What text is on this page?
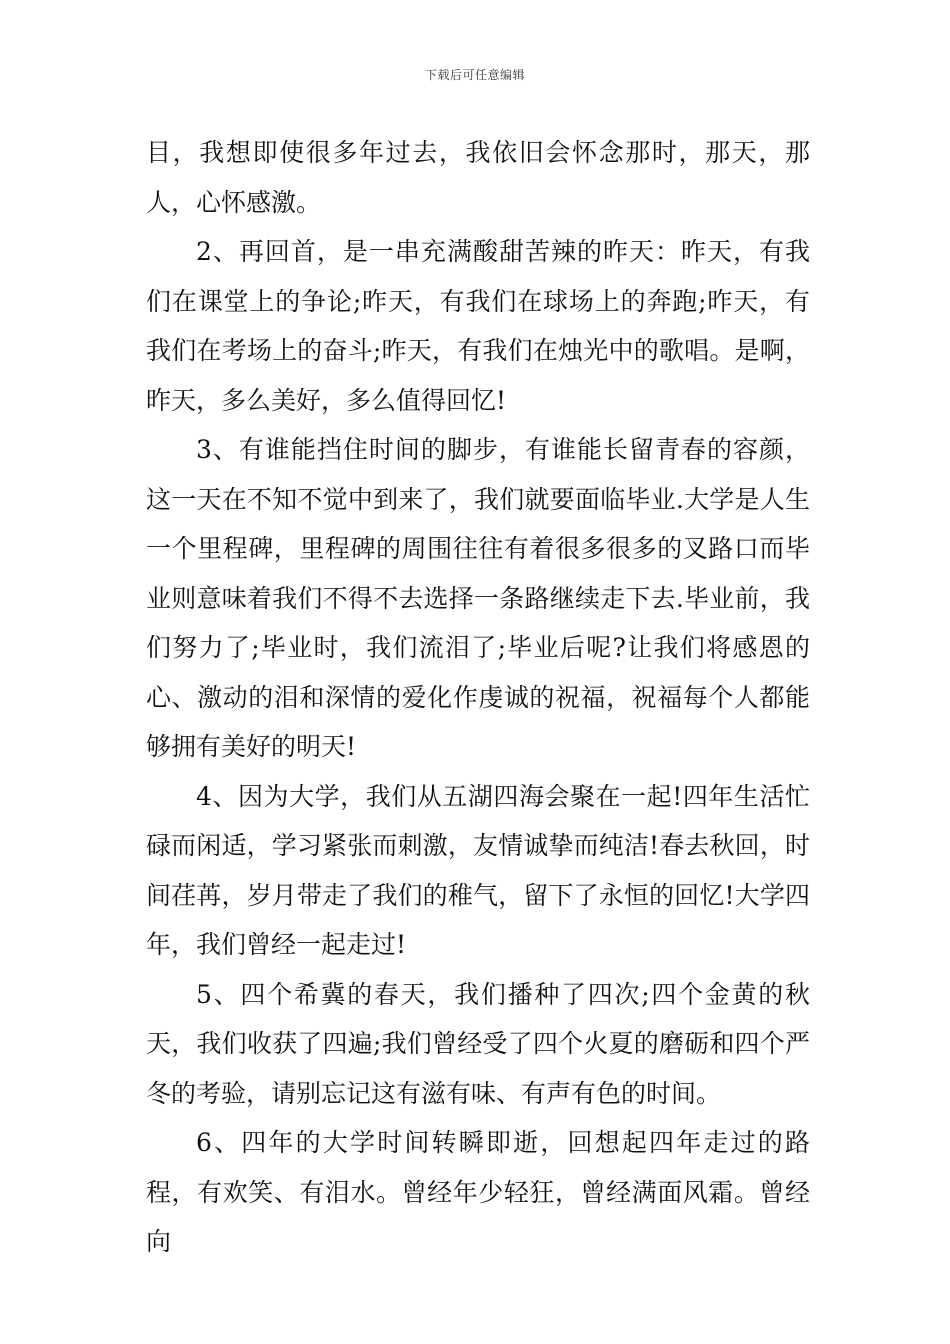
下载后可任意编辑

目，我想即使很多年过去，我依旧会怀念那时，那天，那人，心怀感激。

2、再回首，是一串充满酸甜苦辣的昨天：昨天，有我们在课堂上的争论;昨天，有我们在球场上的奔跑;昨天，有我们在考场上的奋斗;昨天，有我们在烛光中的歌唱。是啊，昨天，多么美好，多么值得回忆!

3、有谁能挡住时间的脚步，有谁能长留青春的容颜，这一天在不知不觉中到来了，我们就要面临毕业.大学是人生一个里程碑，里程碑的周围往往有着很多很多的叉路口而毕业则意味着我们不得不去选择一条路继续走下去.毕业前，我们努力了;毕业时，我们流泪了;毕业后呢?让我们将感恩的心、激动的泪和深情的爱化作虔诚的祝福，祝福每个人都能够拥有美好的明天!

4、因为大学，我们从五湖四海会聚在一起!四年生活忙碌而闲适，学习紧张而刺激，友情诚挚而纯洁!春去秋回，时间荏苒，岁月带走了我们的稚气，留下了永恒的回忆!大学四年，我们曾经一起走过!

5、四个希冀的春天，我们播种了四次;四个金黄的秋天，我们收获了四遍;我们曾经受了四个火夏的磨砺和四个严冬的考验，请别忘记这有滋有味、有声有色的时间。

6、四年的大学时间转瞬即逝，回想起四年走过的路程，有欢笑、有泪水。曾经年少轻狂，曾经满面风霜。曾经向
